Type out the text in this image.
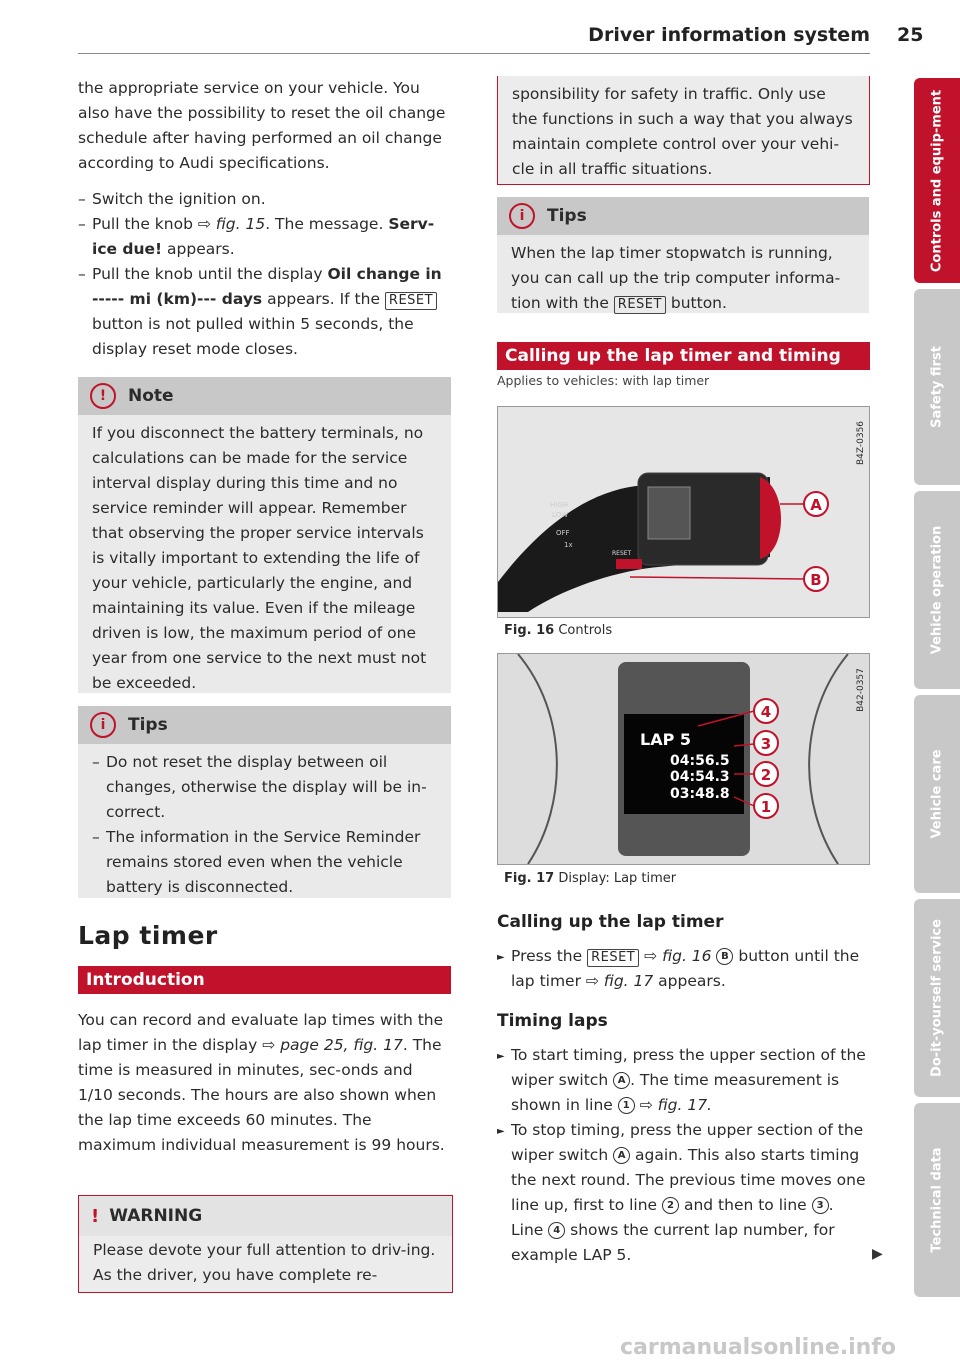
Driver information system 25

the appropriate service on your vehicle. You also have the possibility to reset the oil change schedule after having performed an oil change according to Audi specifications.

– Switch the ignition on.

– Pull the knob ⇨ fig. 15. The message. Serv-ice due! appears.

– Pull the knob until the display Oil change in ----- mi (km)--- days appears. If the RESET button is not pulled within 5 seconds, the display reset mode closes.

!	Note

If you disconnect the battery terminals, no calculations can be made for the service interval display during this time and no service reminder will appear. Remember that observing the proper service intervals is vitally important to extending the life of your vehicle, particularly the engine, and maintaining its value. Even if the mileage driven is low, the maximum period of one year from one service to the next must not be exceeded.

i	Tips

– Do not reset the display between oil changes, otherwise the display will be in-correct.

– The information in the Service Reminder remains stored even when the vehicle battery is disconnected.

Lap timer
Introduction

You can record and evaluate lap times with the lap timer in the display ⇨ page 25, fig. 17. The time is measured in minutes, sec-onds and 1/10 seconds. The hours are also shown when the lap time exceeds 60 minutes. The maximum individual measurement is 99 hours.

! WARNING

Please devote your full attention to driv-ing. As the driver, you have complete re-

sponsibility for safety in traffic. Only use the functions in such a way that you always maintain complete control over your vehi-cle in all traffic situations.

i	Tips

When the lap timer stopwatch is running, you can call up the trip computer informa-tion with the RESET button.

Calling up the lap timer and timing
Applies to vehicles: with lap timer
HIGH
LOW
OFF
1x
RESET
A
B
B4Z-0356
Fig. 16 Controls
LAP 5
04:56.5
04:54.3
03:48.8
4
3
2
1
B42-0357
Fig. 17 Display: Lap timer
Calling up the lap timer

► Press the RESET ⇨ fig. 16 B button until the lap timer ⇨ fig. 17 appears.

Timing laps

► To start timing, press the upper section of the wiper switch A . The time measurement is shown in line 1 ⇨ fig. 17.

► To stop timing, press the upper section of the wiper switch A again. This also starts timing the next round. The previous time moves one line up, first to line 2 and then to line 3 . Line 4 shows the current lap number, for example LAP 5.	▶
Controls and equip-ment
Safety first
Vehicle operation
Vehicle care
Do-it-yourself service
Technical data
carmanualsonline.info
